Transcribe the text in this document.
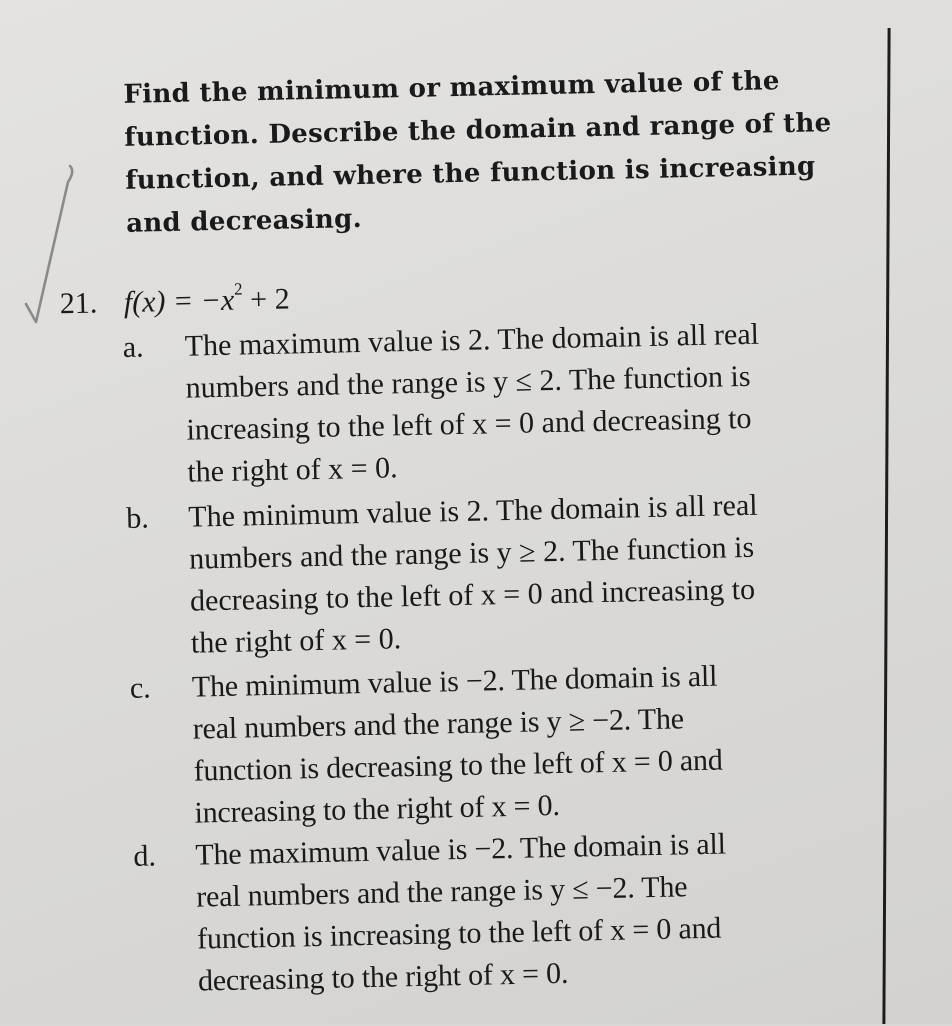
Find the minimum or maximum value of the
function. Describe the domain and range of the
function, and where the function is increasing
and decreasing.
21. $f(x) = -x^2 + 2$
a.	The maximum value is 2. The domain is all real
numbers and the range is y ≤ 2. The function is
increasing to the left of x = 0 and decreasing to
the right of x = 0.
b.	The minimum value is 2. The domain is all real
numbers and the range is y ≥ 2. The function is
decreasing to the left of x = 0 and increasing to
the right of x = 0.
c.	The minimum value is −2. The domain is all
real numbers and the range is y ≥ −2. The
function is decreasing to the left of x = 0 and
increasing to the right of x = 0.
d.	The maximum value is −2. The domain is all
real numbers and the range is y ≤ −2. The
function is increasing to the left of x = 0 and
decreasing to the right of x = 0.
